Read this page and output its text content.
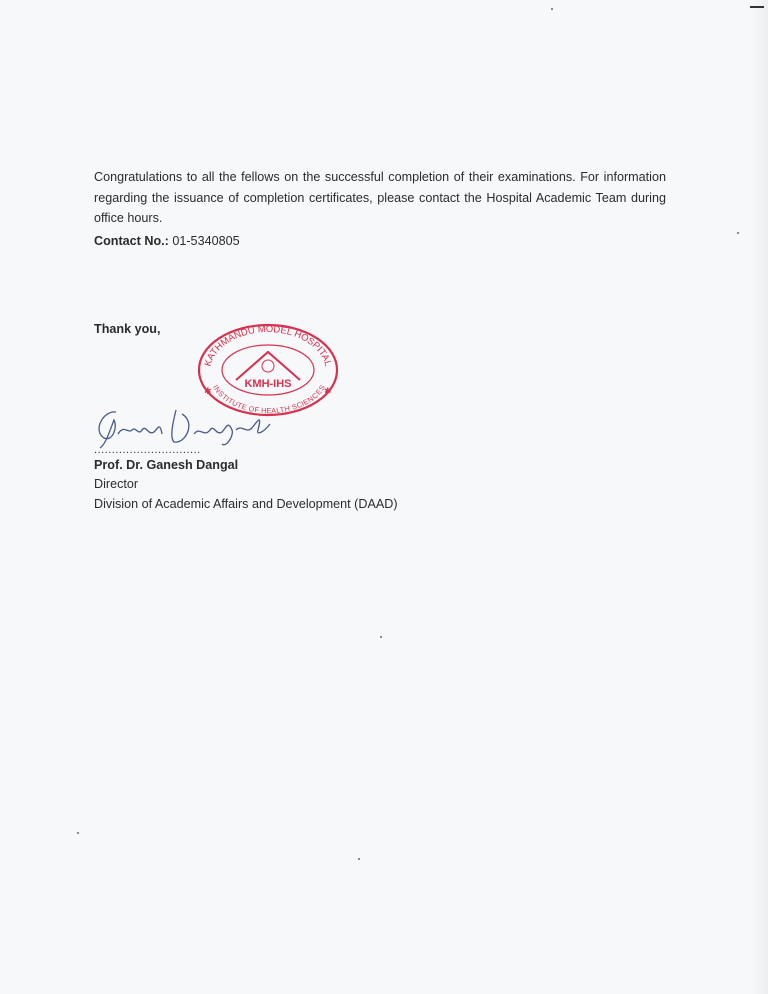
Congratulations to all the fellows on the successful completion of their examinations. For information regarding the issuance of completion certificates, please contact the Hospital Academic Team during office hours.

Contact No.: 01-5340805

Thank you,

KATHMANDU MODEL HOSPITAL
INSTITUTE OF HEALTH SCIENCES
KMH-IHS
✱	✱

..............................

Prof. Dr. Ganesh Dangal

Director

Division of Academic Affairs and Development (DAAD)
